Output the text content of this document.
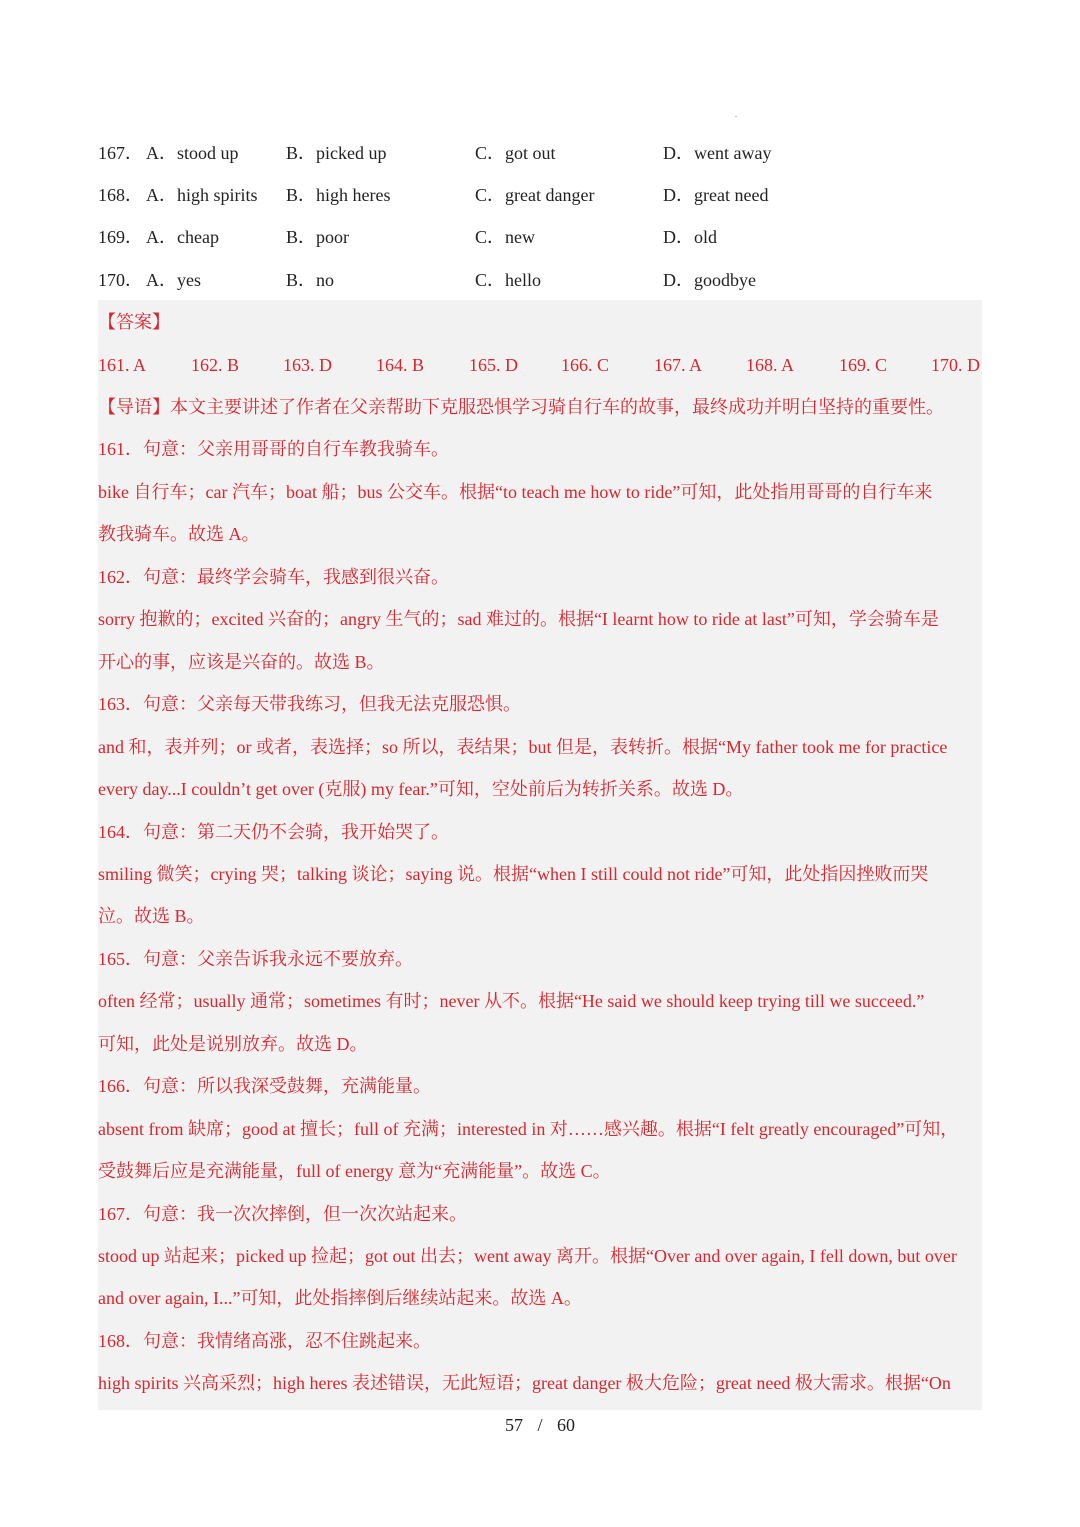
167． A．stood up	B．picked up	C．got out	D．went away
168． A．high spirits B．high heres	C．great danger	D．great need
169． A．cheap	B．poor	C．new	D．old
170． A．yes	B．no	C．hello	D．goodbye
【答案】
161. A 162. B 163. D 164. B 165. D 166. C 167. A 168. A 169. C 170. D
【导语】本文主要讲述了作者在父亲帮助下克服恐惧学习骑自行车的故事，最终成功并明白坚持的重要性。
161．句意：父亲用哥哥的自行车教我骑车。
bike 自行车；car 汽车；boat 船；bus 公交车。根据“to teach me how to ride”可知，此处指用哥哥的自行车来
教我骑车。故选 A。
162．句意：最终学会骑车，我感到很兴奋。
sorry 抱歉的；excited 兴奋的；angry 生气的；sad 难过的。根据“I learnt how to ride at last”可知，学会骑车是
开心的事，应该是兴奋的。故选 B。
163．句意：父亲每天带我练习，但我无法克服恐惧。
and 和，表并列；or 或者，表选择；so 所以，表结果；but 但是，表转折。根据“My father took me for practice
every day...I couldn’t get over (克服) my fear.”可知，空处前后为转折关系。故选 D。
164．句意：第二天仍不会骑，我开始哭了。
smiling 微笑；crying 哭；talking 谈论；saying 说。根据“when I still could not ride”可知，此处指因挫败而哭
泣。故选 B。
165．句意：父亲告诉我永远不要放弃。
often 经常；usually 通常；sometimes 有时；never 从不。根据“He said we should keep trying till we succeed.”
可知，此处是说别放弃。故选 D。
166．句意：所以我深受鼓舞，充满能量。
absent from 缺席；good at 擅长；full of 充满；interested in 对……感兴趣。根据“I felt greatly encouraged”可知，
受鼓舞后应是充满能量，full of energy 意为“充满能量”。故选 C。
167．句意：我一次次摔倒，但一次次站起来。
stood up 站起来；picked up 捡起；got out 出去；went away 离开。根据“Over and over again, I fell down, but over
and over again, I...”可知，此处指摔倒后继续站起来。故选 A。
168．句意：我情绪高涨，忍不住跳起来。
high spirits 兴高采烈；high heres 表述错误，无此短语；great danger 极大危险；great need 极大需求。根据“On
57 / 60
